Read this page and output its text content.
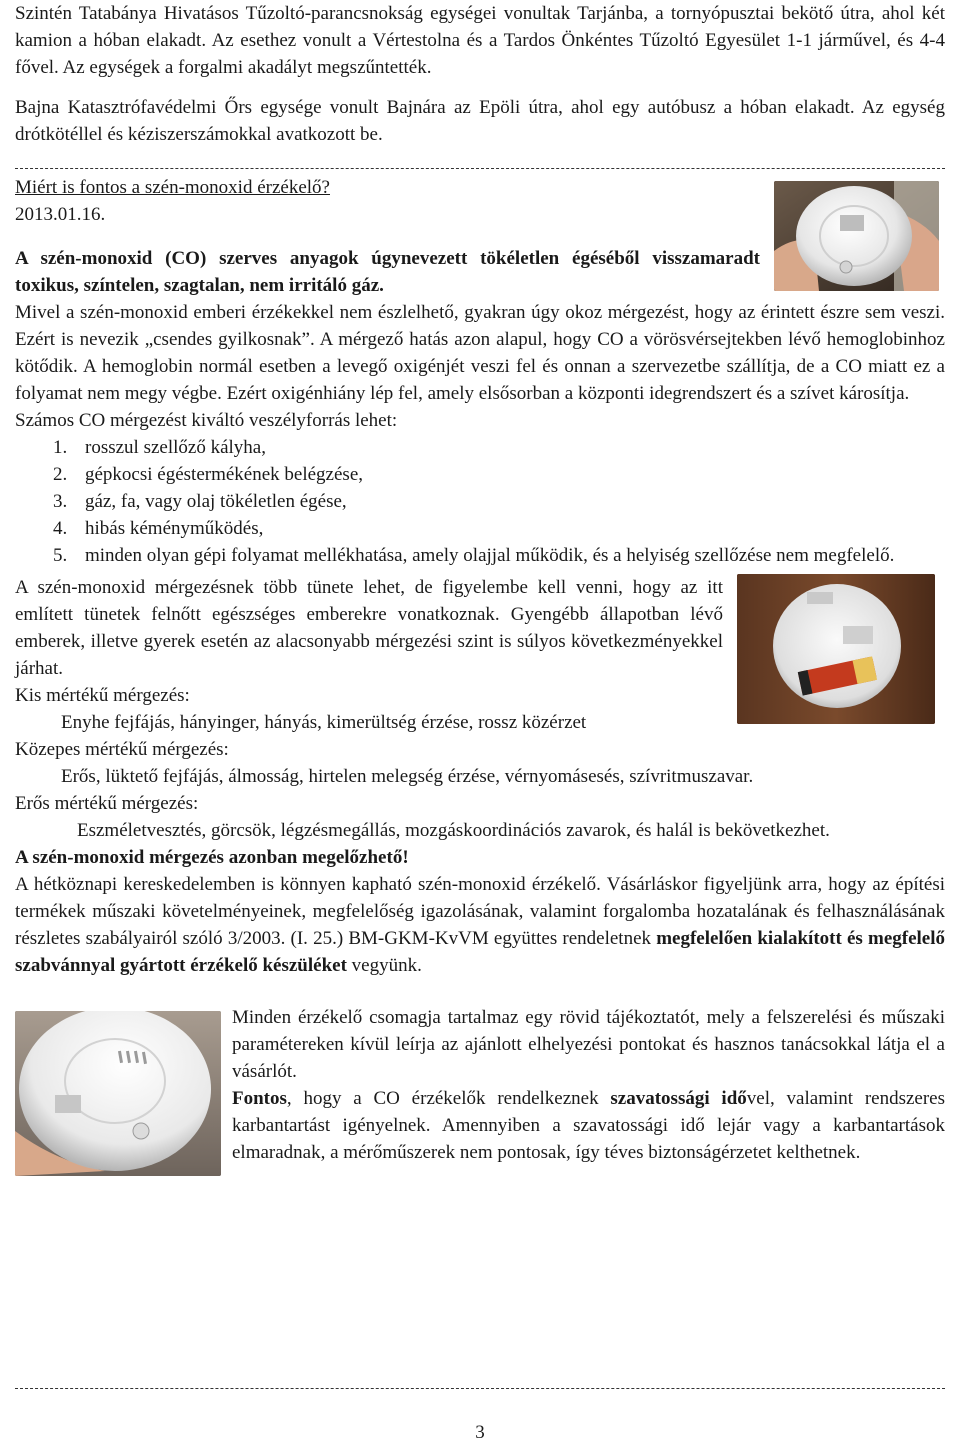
Szintén Tatabánya Hivatásos Tűzoltó-parancsnokság egységei vonultak Tarjánba, a tornyópusztai bekötő útra, ahol két kamion a hóban elakadt. Az esethez vonult a Vértestolna és a Tardos Önkéntes Tűzoltó Egyesület 1-1 járművel, és 4-4 fővel. Az egységek a forgalmi akadályt megszűntették.

Bajna Katasztrófavédelmi Őrs egysége vonult Bajnára az Epöli útra, ahol egy autóbusz a hóban elakadt. Az egység drótkötéllel és kéziszerszámokkal avatkozott be.

Miért is fontos a szén-monoxid érzékelő?

2013.01.16.

A szén-monoxid (CO) szerves anyagok úgynevezett tökéletlen égéséből visszamaradt toxikus, színtelen, szagtalan, nem irritáló gáz.

Mivel a szén-monoxid emberi érzékekkel nem észlelhető, gyakran úgy okoz mérgezést, hogy az érintett észre sem veszi. Ezért is nevezik „csendes gyilkosnak”. A mérgező hatás azon alapul, hogy CO a vörösvérsejtekben lévő hemoglobinhoz kötődik. A hemoglobin normál esetben a levegő oxigénjét veszi fel és onnan a szervezetbe szállítja, de a CO miatt ez a folyamat nem megy végbe. Ezért oxigénhiány lép fel, amely elsősorban a központi idegrendszert és a szívet károsítja.

Számos CO mérgezést kiváltó veszélyforrás lehet:

1. rosszul szellőző kályha,
2. gépkocsi égéstermékének belégzése,
3. gáz, fa, vagy olaj tökéletlen égése,
4. hibás kéményműködés,
5. minden olyan gépi folyamat mellékhatása, amely olajjal működik, és a helyiség szellőzése nem megfelelő.

A szén-monoxid mérgezésnek több tünete lehet, de figyelembe kell venni, hogy az itt említett tünetek felnőtt egészséges emberekre vonatkoznak. Gyengébb állapotban lévő emberek, illetve gyerek esetén az alacsonyabb mérgezési szint is súlyos következményekkel járhat.

Kis mértékű mérgezés:

Enyhe fejfájás, hányinger, hányás, kimerültség érzése, rossz közérzet

Közepes mértékű mérgezés:

Erős, lüktető fejfájás, álmosság, hirtelen melegség érzése, vérnyomásesés, szívritmuszavar.

Erős mértékű mérgezés:

Eszméletvesztés, görcsök, légzésmegállás, mozgáskoordinációs zavarok, és halál is bekövetkezhet.

A szén-monoxid mérgezés azonban megelőzhető!

A hétköznapi kereskedelemben is könnyen kapható szén-monoxid érzékelő. Vásárláskor figyeljünk arra, hogy az építési termékek műszaki követelményeinek, megfelelőség igazolásának, valamint forgalomba hozatalának és felhasználásának részletes szabályairól szóló 3/2003. (I. 25.) BM-GKM-KvVM együttes rendeletnek megfelelően kialakított és megfelelő szabvánnyal gyártott érzékelő készüléket vegyünk.

Minden érzékelő csomagja tartalmaz egy rövid tájékoztatót, mely a felszerelési és műszaki paramétereken kívül leírja az ajánlott elhelyezési pontokat és hasznos tanácsokkal látja el a vásárlót.

Fontos, hogy a CO érzékelők rendelkeznek szavatossági idővel, valamint rendszeres karbantartást igényelnek. Amennyiben a szavatossági idő lejár vagy a karbantartások elmaradnak, a mérőműszerek nem pontosak, így téves biztonságérzetet kelthetnek.

3
